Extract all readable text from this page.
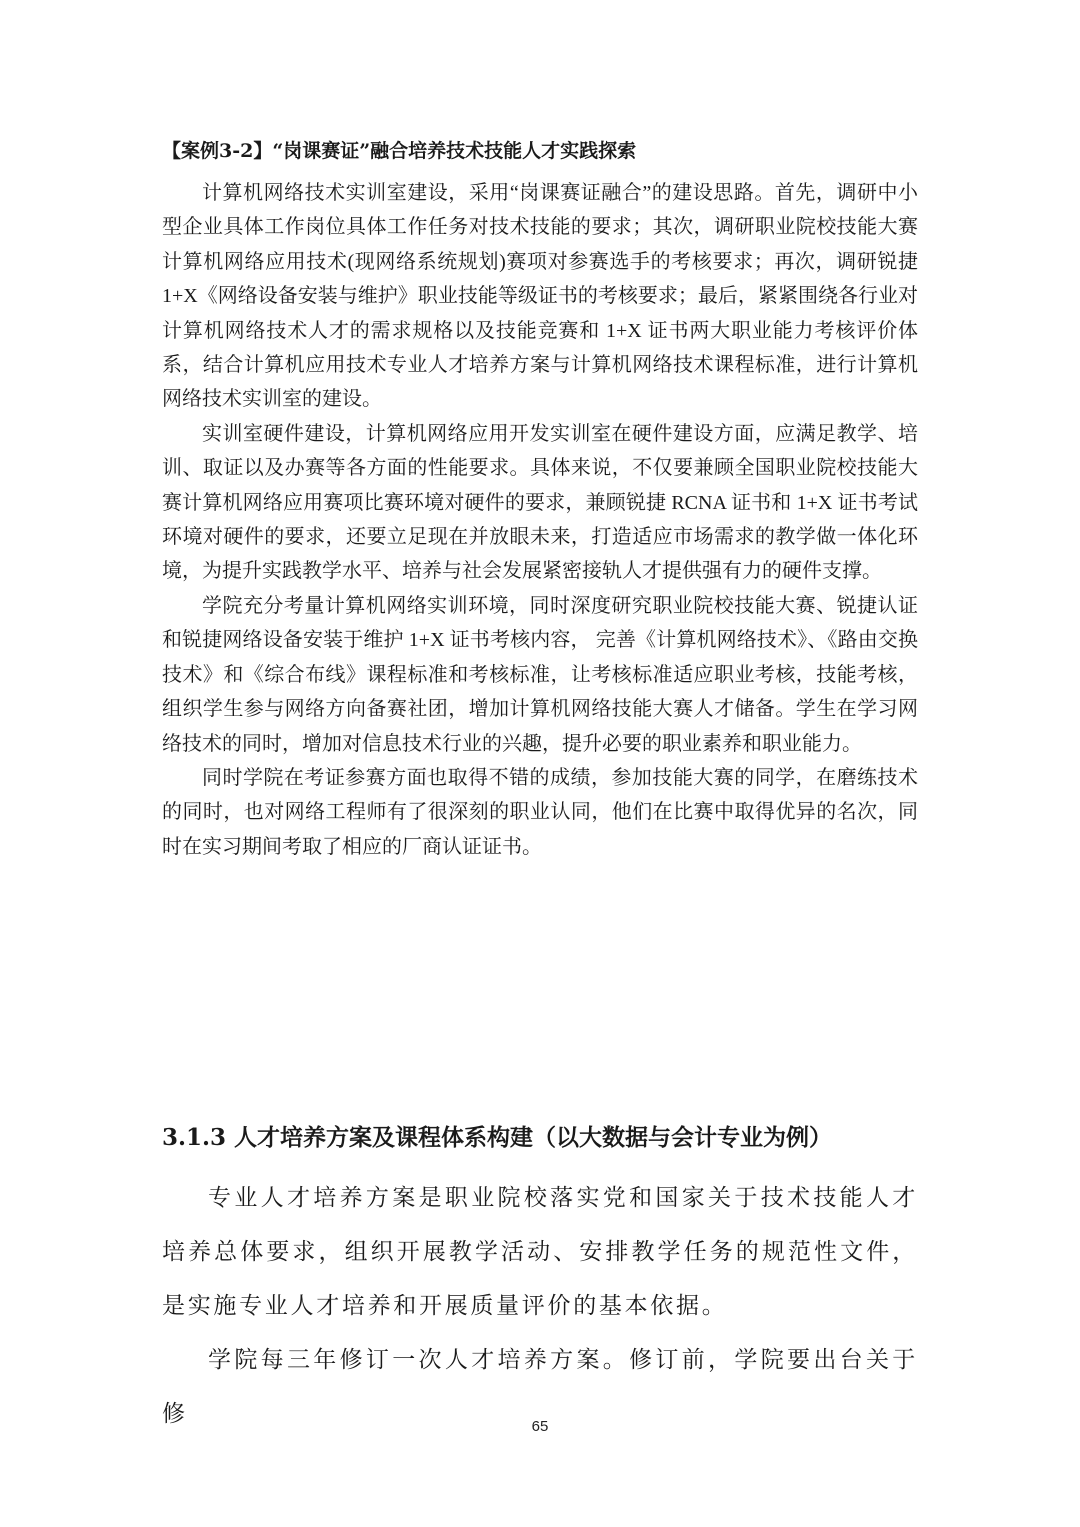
【案例3-2】“岗课赛证”融合培养技术技能人才实践探索

计算机网络技术实训室建设，采用“岗课赛证融合”的建设思路。首先，调研中小型企业具体工作岗位具体工作任务对技术技能的要求；其次，调研职业院校技能大赛计算机网络应用技术(现网络系统规划)赛项对参赛选手的考核要求；再次，调研锐捷 1+X《网络设备安装与维护》职业技能等级证书的考核要求；最后，紧紧围绕各行业对计算机网络技术人才的需求规格以及技能竞赛和 1+X 证书两大职业能力考核评价体系，结合计算机应用技术专业人才培养方案与计算机网络技术课程标准，进行计算机网络技术实训室的建设。

实训室硬件建设，计算机网络应用开发实训室在硬件建设方面，应满足教学、培训、取证以及办赛等各方面的性能要求。具体来说，不仅要兼顾全国职业院校技能大赛计算机网络应用赛项比赛环境对硬件的要求，兼顾锐捷 RCNA 证书和 1+X 证书考试环境对硬件的要求，还要立足现在并放眼未来，打造适应市场需求的教学做一体化环境，为提升实践教学水平、培养与社会发展紧密接轨人才提供强有力的硬件支撑。

学院充分考量计算机网络实训环境，同时深度研究职业院校技能大赛、锐捷认证和锐捷网络设备安装于维护 1+X 证书考核内容， 完善《计算机网络技术》、《路由交换技术》和《综合布线》课程标准和考核标准，让考核标准适应职业考核，技能考核，组织学生参与网络方向备赛社团，增加计算机网络技能大赛人才储备。学生在学习网络技术的同时，增加对信息技术行业的兴趣，提升必要的职业素养和职业能力。

同时学院在考证参赛方面也取得不错的成绩，参加技能大赛的同学，在磨练技术的同时，也对网络工程师有了很深刻的职业认同，他们在比赛中取得优异的名次，同时在实习期间考取了相应的厂商认证证书。

3.1.3 人才培养方案及课程体系构建（以大数据与会计专业为例）

专业人才培养方案是职业院校落实党和国家关于技术技能人才培养总体要求，组织开展教学活动、安排教学任务的规范性文件，是实施专业人才培养和开展质量评价的基本依据。

学院每三年修订一次人才培养方案。修订前，学院要出台关于修

65
